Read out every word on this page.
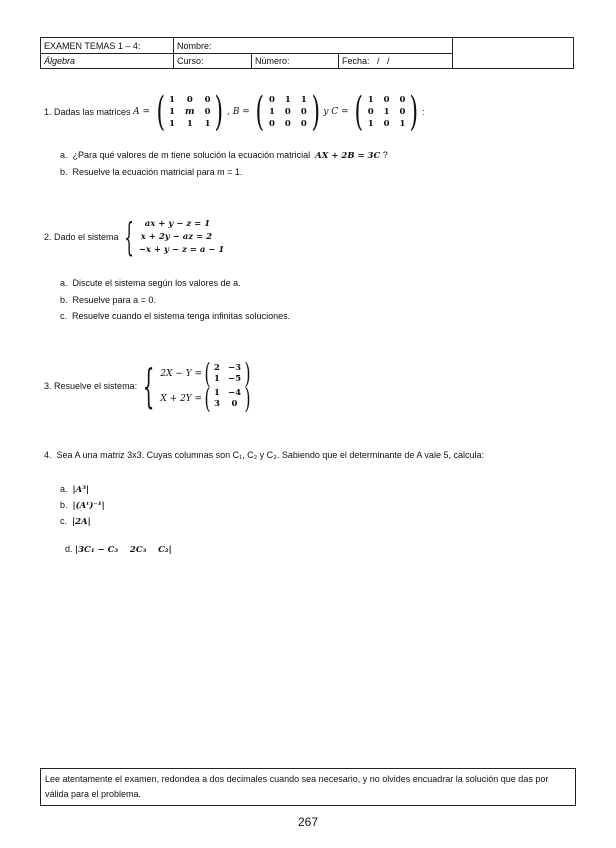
EXAMEN TEMAS 1 – 4:
Álgebra
Nombre:
Curso:	Número:	Fecha:   /   /
1.
Dadas las matrices
A =
( 1 0 0
1 m 0
1 1 1 ) , B =
( 0 1 1
1 0 0
0 0 0 ) y C =
( 1 0 0
0 1 0
1 0 1 ) :
a. ¿Para qué valores de m tiene solución la ecuación matricial AX + 2B = 3C ?
b. Resuelve la ecuación matricial para m = 1.
2.
Dado el sistema {	ax + y − z = 1
x + 2y − az = 2
−x + y − z = a − 1
a. Discute el sistema según los valores de a.
b. Resuelve para a = 0.
c. Resuelve cuando el sistema tenga infinitas soluciones.
3.
Resuelve el sistema: { 2X − Y = ( 2 −3
1 −5 )
X + 2Y = ( 1 −4
3	0 )
4. Sea A una matriz 3x3. Cuyas columnas son C₁, C₂ y C₃. Sabiendo que el determinante de A vale 5, calcula:
a. |A³|
b. |(Aᵗ)⁻¹|
c. |2A|

d. |3C₁ − C₃    2C₃    C₂|

Lee atentamente el examen, redondea a dos decimales cuando sea necesario, y no olvides encuadrar la solución que das por válida para el problema.
267
